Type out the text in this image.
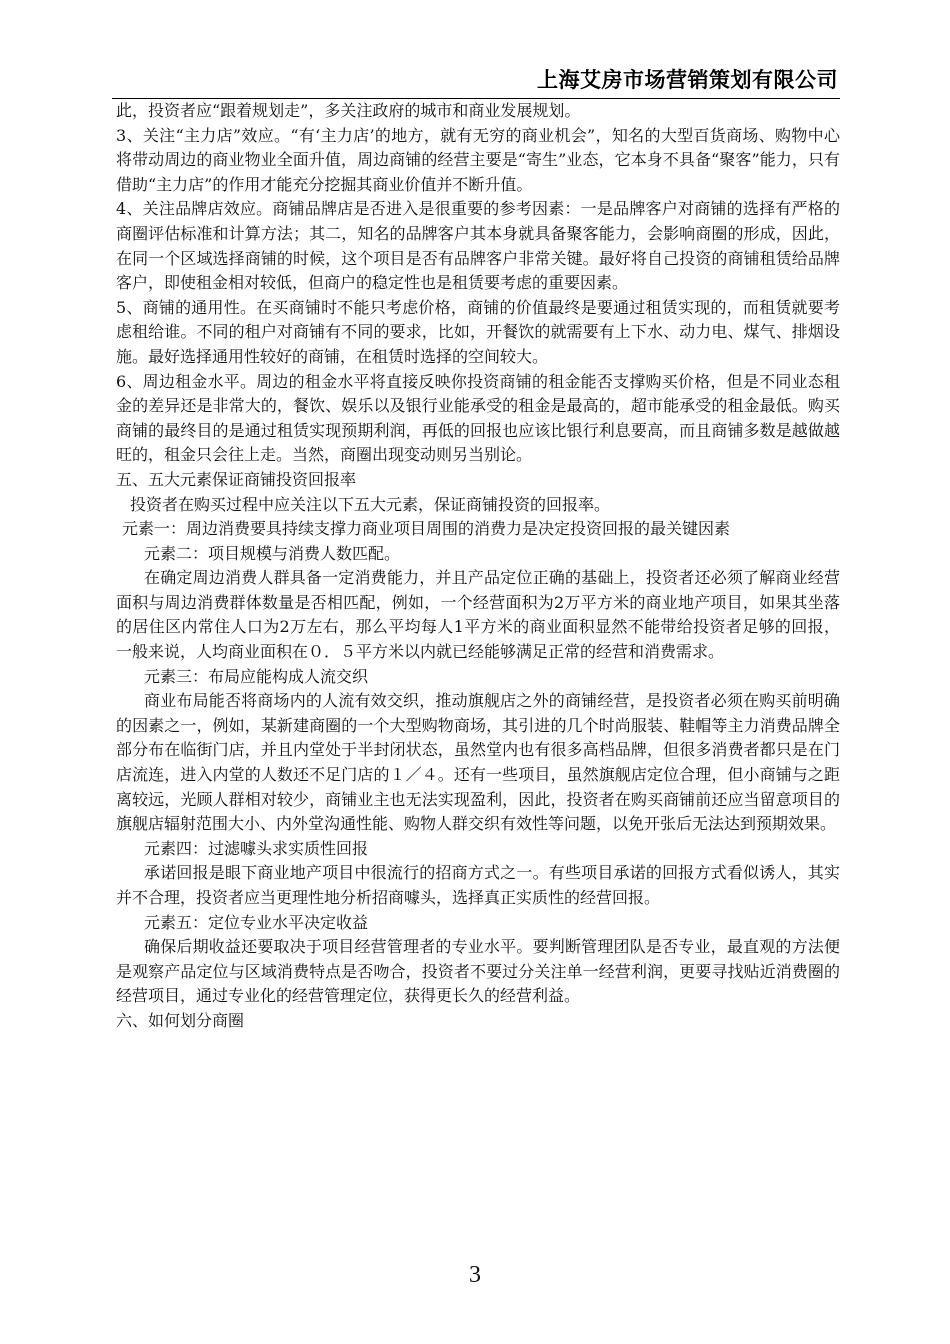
上海艾房市场营销策划有限公司

此，投资者应“跟着规划走”，多关注政府的城市和商业发展规划。

3、关注“主力店”效应。“有‘主力店’的地方，就有无穷的商业机会”，知名的大型百货商场、购物中心将带动周边的商业物业全面升值，周边商铺的经营主要是“寄生”业态，它本身不具备“聚客”能力，只有借助“主力店”的作用才能充分挖掘其商业价值并不断升值。

4、关注品牌店效应。商铺品牌店是否进入是很重要的参考因素：一是品牌客户对商铺的选择有严格的商圈评估标准和计算方法；其二，知名的品牌客户其本身就具备聚客能力，会影响商圈的形成，因此，在同一个区域选择商铺的时候，这个项目是否有品牌客户非常关键。最好将自己投资的商铺租赁给品牌客户，即使租金相对较低，但商户的稳定性也是租赁要考虑的重要因素。

5、商铺的通用性。在买商铺时不能只考虑价格，商铺的价值最终是要通过租赁实现的，而租赁就要考虑租给谁。不同的租户对商铺有不同的要求，比如，开餐饮的就需要有上下水、动力电、煤气、排烟设施。最好选择通用性较好的商铺，在租赁时选择的空间较大。

6、周边租金水平。周边的租金水平将直接反映你投资商铺的租金能否支撑购买价格，但是不同业态租金的差异还是非常大的，餐饮、娱乐以及银行业能承受的租金是最高的，超市能承受的租金最低。购买商铺的最终目的是通过租赁实现预期利润，再低的回报也应该比银行利息要高，而且商铺多数是越做越旺的，租金只会往上走。当然，商圈出现变动则另当别论。

五、五大元素保证商铺投资回报率

投资者在购买过程中应关注以下五大元素，保证商铺投资的回报率。

元素一：周边消费要具持续支撑力商业项目周围的消费力是决定投资回报的最关键因素

元素二：项目规模与消费人数匹配。

在确定周边消费人群具备一定消费能力，并且产品定位正确的基础上，投资者还必须了解商业经营面积与周边消费群体数量是否相匹配，例如，一个经营面积为2万平方米的商业地产项目，如果其坐落的居住区内常住人口为2万左右，那么平均每人1平方米的商业面积显然不能带给投资者足够的回报，一般来说，人均商业面积在０．５平方米以内就已经能够满足正常的经营和消费需求。

元素三：布局应能构成人流交织

商业布局能否将商场内的人流有效交织，推动旗舰店之外的商铺经营，是投资者必须在购买前明确的因素之一，例如，某新建商圈的一个大型购物商场，其引进的几个时尚服装、鞋帽等主力消费品牌全部分布在临街门店，并且内堂处于半封闭状态，虽然堂内也有很多高档品牌，但很多消费者都只是在门店流连，进入内堂的人数还不足门店的１／４。还有一些项目，虽然旗舰店定位合理，但小商铺与之距离较远，光顾人群相对较少，商铺业主也无法实现盈利，因此，投资者在购买商铺前还应当留意项目的旗舰店辐射范围大小、内外堂沟通性能、购物人群交织有效性等问题，以免开张后无法达到预期效果。

元素四：过滤噱头求实质性回报

承诺回报是眼下商业地产项目中很流行的招商方式之一。有些项目承诺的回报方式看似诱人，其实并不合理，投资者应当更理性地分析招商噱头，选择真正实质性的经营回报。

元素五：定位专业水平决定收益

确保后期收益还要取决于项目经营管理者的专业水平。要判断管理团队是否专业，最直观的方法便是观察产品定位与区域消费特点是否吻合，投资者不要过分关注单一经营利润，更要寻找贴近消费圈的经营项目，通过专业化的经营管理定位，获得更长久的经营利益。

六、如何划分商圈

3
